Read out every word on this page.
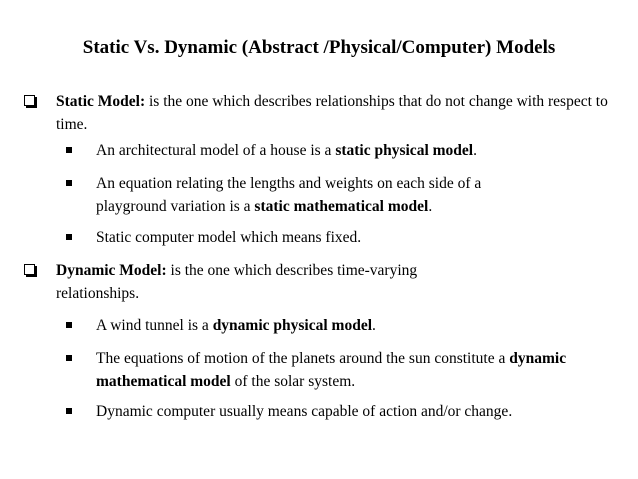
Static Vs. Dynamic (Abstract /Physical/Computer) Models
Static Model: is the one which describes relationships that do not change with respect to time.
An architectural model of a house is a static physical model.
An equation relating the lengths and weights on each side of a playground variation is a static mathematical model.
Static computer model which means fixed.
Dynamic Model: is the one which describes time-varying relationships.
A wind tunnel is a dynamic physical model.
The equations of motion of the planets around the sun constitute a dynamic mathematical model of the solar system.
Dynamic computer usually means capable of action and/or change.
